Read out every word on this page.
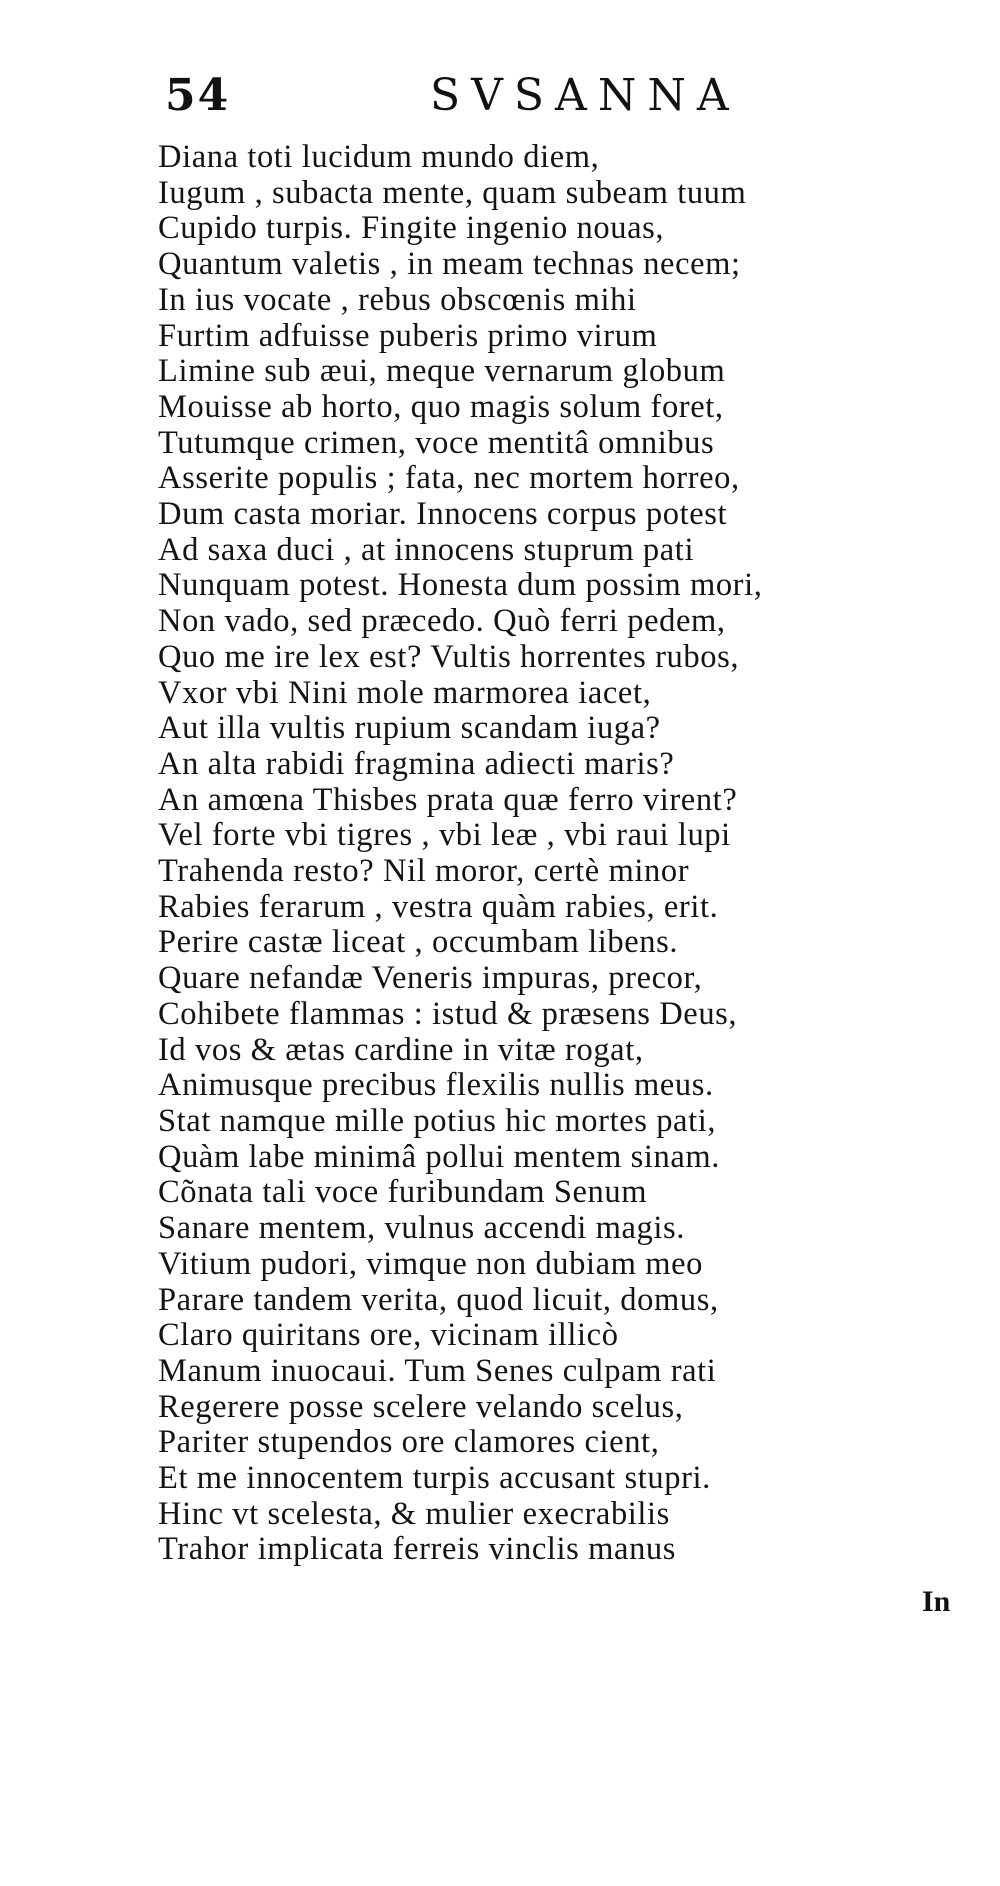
54	SVSANNA
Diana toti lucidum mundo diem,
Iugum , subacta mente, quam subeam tuum
Cupido turpis. Fingite ingenio nouas,
Quantum valetis , in meam technas necem;
In ius vocate , rebus obscœnis mihi
Furtim adfuisse puberis primo virum
Limine sub æui, meque vernarum globum
Mouisse ab horto, quo magis solum foret,
Tutumque crimen, voce mentitâ omnibus
Asserite populis ; fata, nec mortem horreo,
Dum casta moriar. Innocens corpus potest
Ad saxa duci , at innocens stuprum pati
Nunquam potest. Honesta dum possim mori,
Non vado, sed præcedo. Quò ferri pedem,
Quo me ire lex est? Vultis horrentes rubos,
Vxor vbi Nini mole marmorea iacet,
Aut illa vultis rupium scandam iuga?
An alta rabidi fragmina adiecti maris?
An amœna Thisbes prata quæ ferro virent?
Vel forte vbi tigres , vbi leæ , vbi raui lupi
Trahenda resto? Nil moror, certè minor
Rabies ferarum , vestra quàm rabies, erit.
Perire castæ liceat , occumbam libens.
Quare nefandæ Veneris impuras, precor,
Cohibete flammas : istud & præsens Deus,
Id vos & ætas cardine in vitæ rogat,
Animusque precibus flexilis nullis meus.
Stat namque mille potius hic mortes pati,
Quàm labe minimâ pollui mentem sinam.
Cõnata tali voce furibundam Senum
Sanare mentem, vulnus accendi magis.
Vitium pudori, vimque non dubiam meo
Parare tandem verita, quod licuit, domus,
Claro quiritans ore, vicinam illicò
Manum inuocaui. Tum Senes culpam rati
Regerere posse scelere velando scelus,
Pariter stupendos ore clamores cient,
Et me innocentem turpis accusant stupri.
Hinc vt scelesta, & mulier execrabilis
Trahor implicata ferreis vinclis manus
In
